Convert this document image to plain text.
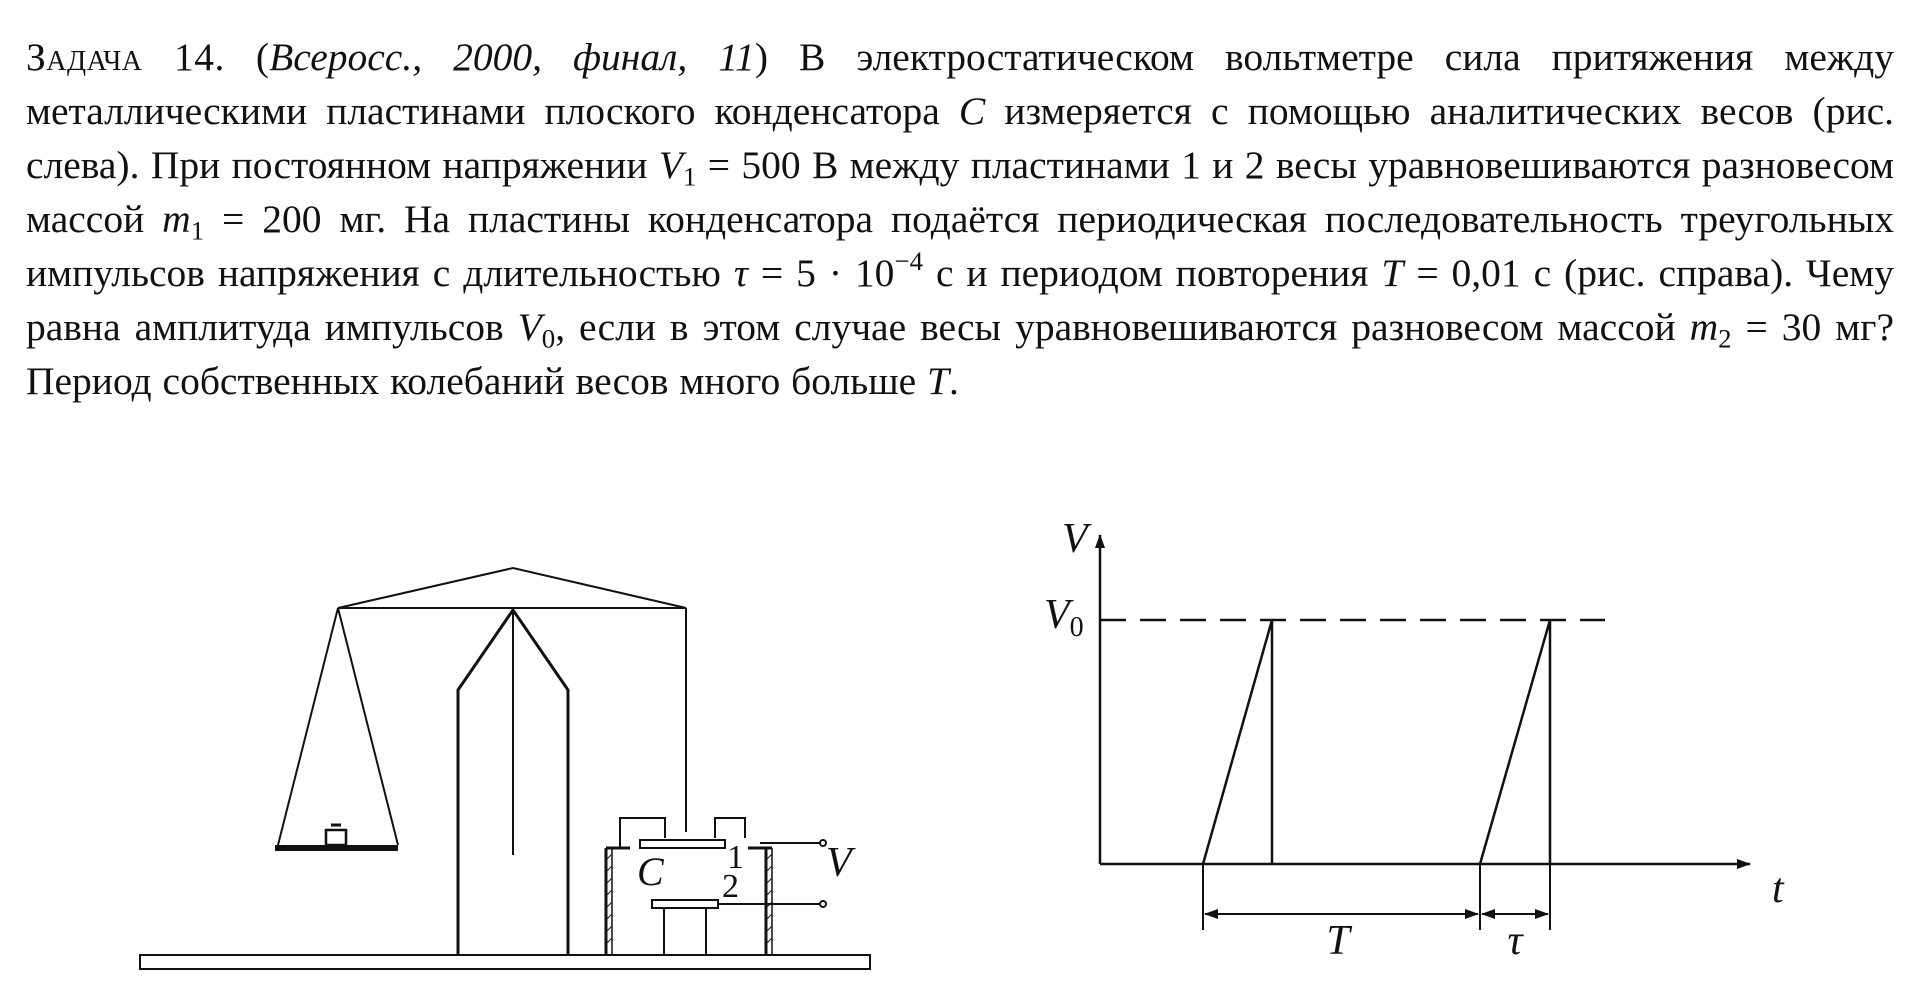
Задача 14. (Всеросс., 2000, финал, 11) В электростатическом вольтметре сила притяжения между металлическими пластинами плоского конденсатора C измеряется с помощью аналитических весов (рис. слева). При постоянном напряжении $V_1 = 500$ В между пластинами 1 и 2 весы уравновешиваются разновесом массой $m_1 = 200$ мг. На пластины конденсатора подаётся периодическая последовательность треугольных импульсов напряжения с длительностью $\tau = 5 \cdot 10^{-4}$ с и периодом повторения T = 0,01 с (рис. справа). Чему равна амплитуда импульсов $V_0$, если в этом случае весы уравновешиваются разновесом массой $m_2 = 30$ мг? Период собственных колебаний весов много больше T.
C 1
2
V
V
V0
t
T	τ
